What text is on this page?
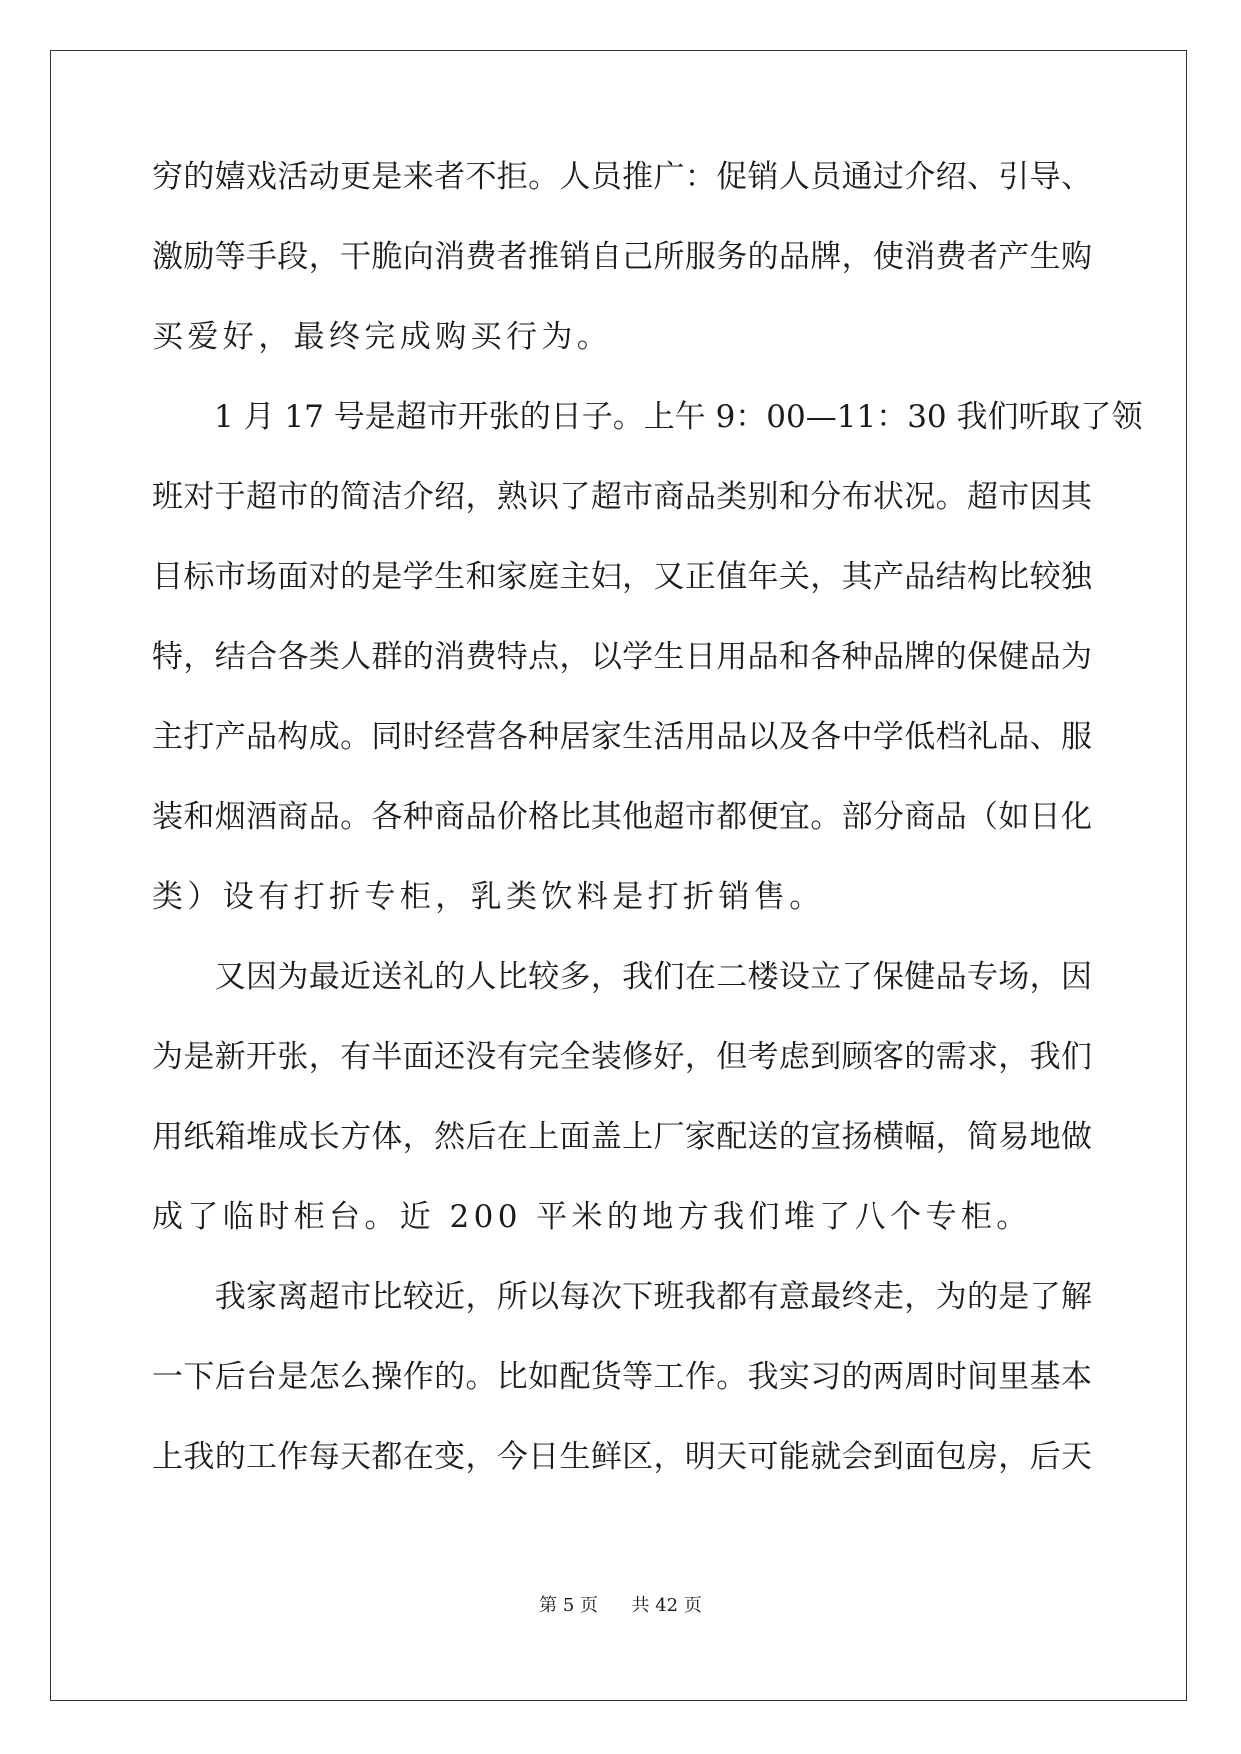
穷的嬉戏活动更是来者不拒。人员推广：促销人员通过介绍、引导、
激励等手段，干脆向消费者推销自己所服务的品牌，使消费者产生购
买爱好，最终完成购买行为。
　　1 月 17 号是超市开张的日子。上午 9：00—11：30 我们听取了领
班对于超市的简洁介绍，熟识了超市商品类别和分布状况。超市因其
目标市场面对的是学生和家庭主妇，又正值年关，其产品结构比较独
特，结合各类人群的消费特点，以学生日用品和各种品牌的保健品为
主打产品构成。同时经营各种居家生活用品以及各中学低档礼品、服
装和烟酒商品。各种商品价格比其他超市都便宜。部分商品（如日化
类）设有打折专柜，乳类饮料是打折销售。
　　又因为最近送礼的人比较多，我们在二楼设立了保健品专场，因
为是新开张，有半面还没有完全装修好，但考虑到顾客的需求，我们
用纸箱堆成长方体，然后在上面盖上厂家配送的宣扬横幅，简易地做
成了临时柜台。近 200 平米的地方我们堆了八个专柜。
　　我家离超市比较近，所以每次下班我都有意最终走，为的是了解
一下后台是怎么操作的。比如配货等工作。我实习的两周时间里基本
上我的工作每天都在变，今日生鲜区，明天可能就会到面包房，后天
第 5 页 共 42 页
